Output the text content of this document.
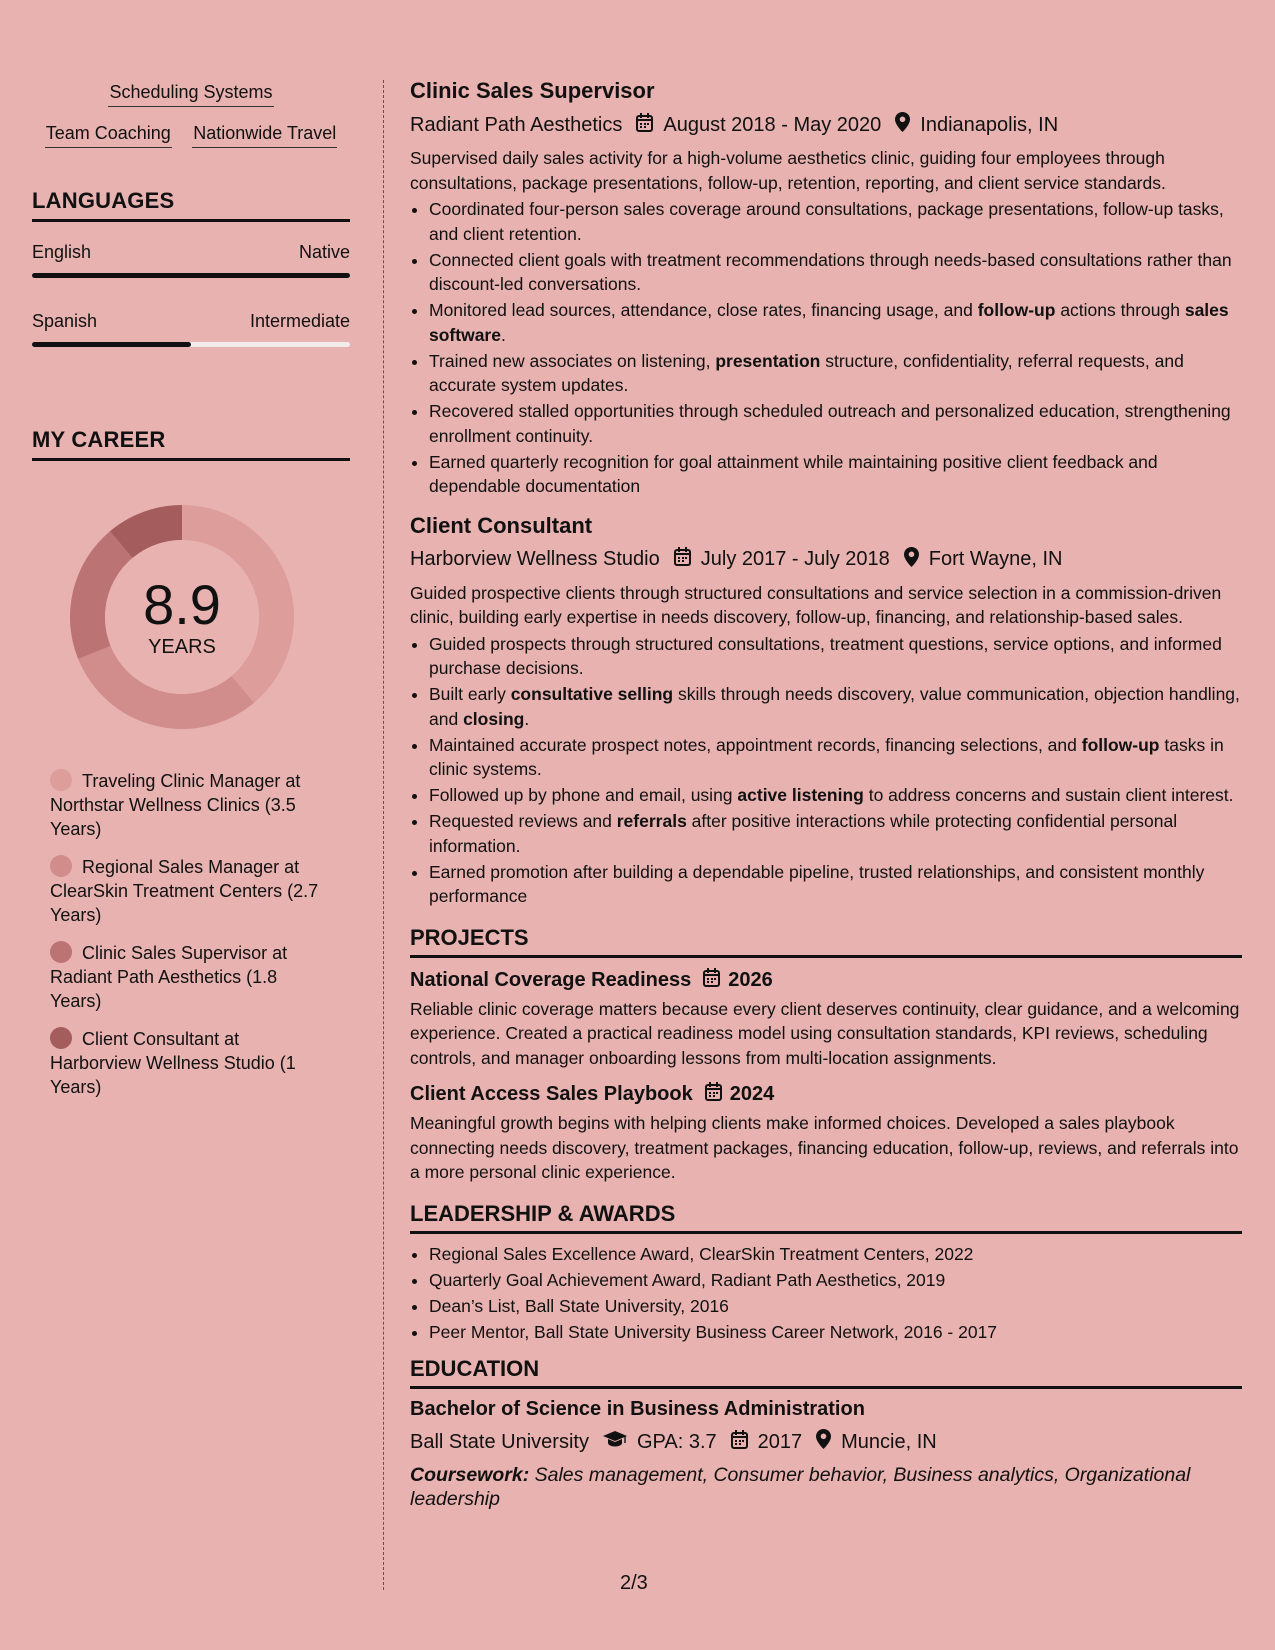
Scheduling Systems
Team Coaching Nationwide Travel
LANGUAGES
English	Native
Spanish	Intermediate
MY CAREER
8.9
YEARS
Traveling Clinic Manager at Northstar Wellness Clinics (3.5 Years)
Regional Sales Manager at ClearSkin Treatment Centers (2.7 Years)
Clinic Sales Supervisor at Radiant Path Aesthetics (1.8 Years)
Client Consultant at Harborview Wellness Studio (1 Years)
Clinic Sales Supervisor
Radiant Path Aesthetics August 2018 - May 2020 Indianapolis, IN

Supervised daily sales activity for a high-volume aesthetics clinic, guiding four employees through consultations, package presentations, follow-up, retention, reporting, and client service standards.

• Coordinated four-person sales coverage around consultations, package presentations, follow-up tasks, and client retention.
• Connected client goals with treatment recommendations through needs-based consultations rather than discount-led conversations.
• Monitored lead sources, attendance, close rates, financing usage, and follow-up actions through sales software.
• Trained new associates on listening, presentation structure, confidentiality, referral requests, and accurate system updates.
• Recovered stalled opportunities through scheduled outreach and personalized education, strengthening enrollment continuity.
• Earned quarterly recognition for goal attainment while maintaining positive client feedback and dependable documentation
Client Consultant
Harborview Wellness Studio July 2017 - July 2018 Fort Wayne, IN

Guided prospective clients through structured consultations and service selection in a commission-driven clinic, building early expertise in needs discovery, follow-up, financing, and relationship-based sales.

• Guided prospects through structured consultations, treatment questions, service options, and informed purchase decisions.
• Built early consultative selling skills through needs discovery, value communication, objection handling, and closing.
• Maintained accurate prospect notes, appointment records, financing selections, and follow-up tasks in clinic systems.
• Followed up by phone and email, using active listening to address concerns and sustain client interest.
• Requested reviews and referrals after positive interactions while protecting confidential personal information.
• Earned promotion after building a dependable pipeline, trusted relationships, and consistent monthly performance
PROJECTS
National Coverage Readiness 2026

Reliable clinic coverage matters because every client deserves continuity, clear guidance, and a welcoming experience. Created a practical readiness model using consultation standards, KPI reviews, scheduling controls, and manager onboarding lessons from multi-location assignments.

Client Access Sales Playbook 2024

Meaningful growth begins with helping clients make informed choices. Developed a sales playbook connecting needs discovery, treatment packages, financing education, follow-up, reviews, and referrals into a more personal clinic experience.

LEADERSHIP & AWARDS
• Regional Sales Excellence Award, ClearSkin Treatment Centers, 2022
• Quarterly Goal Achievement Award, Radiant Path Aesthetics, 2019
• Dean’s List, Ball State University, 2016
• Peer Mentor, Ball State University Business Career Network, 2016 - 2017
EDUCATION
Bachelor of Science in Business Administration
Ball State University GPA: 3.7 2017 Muncie, IN

Coursework: Sales management, Consumer behavior, Business analytics, Organizational leadership

2/3
